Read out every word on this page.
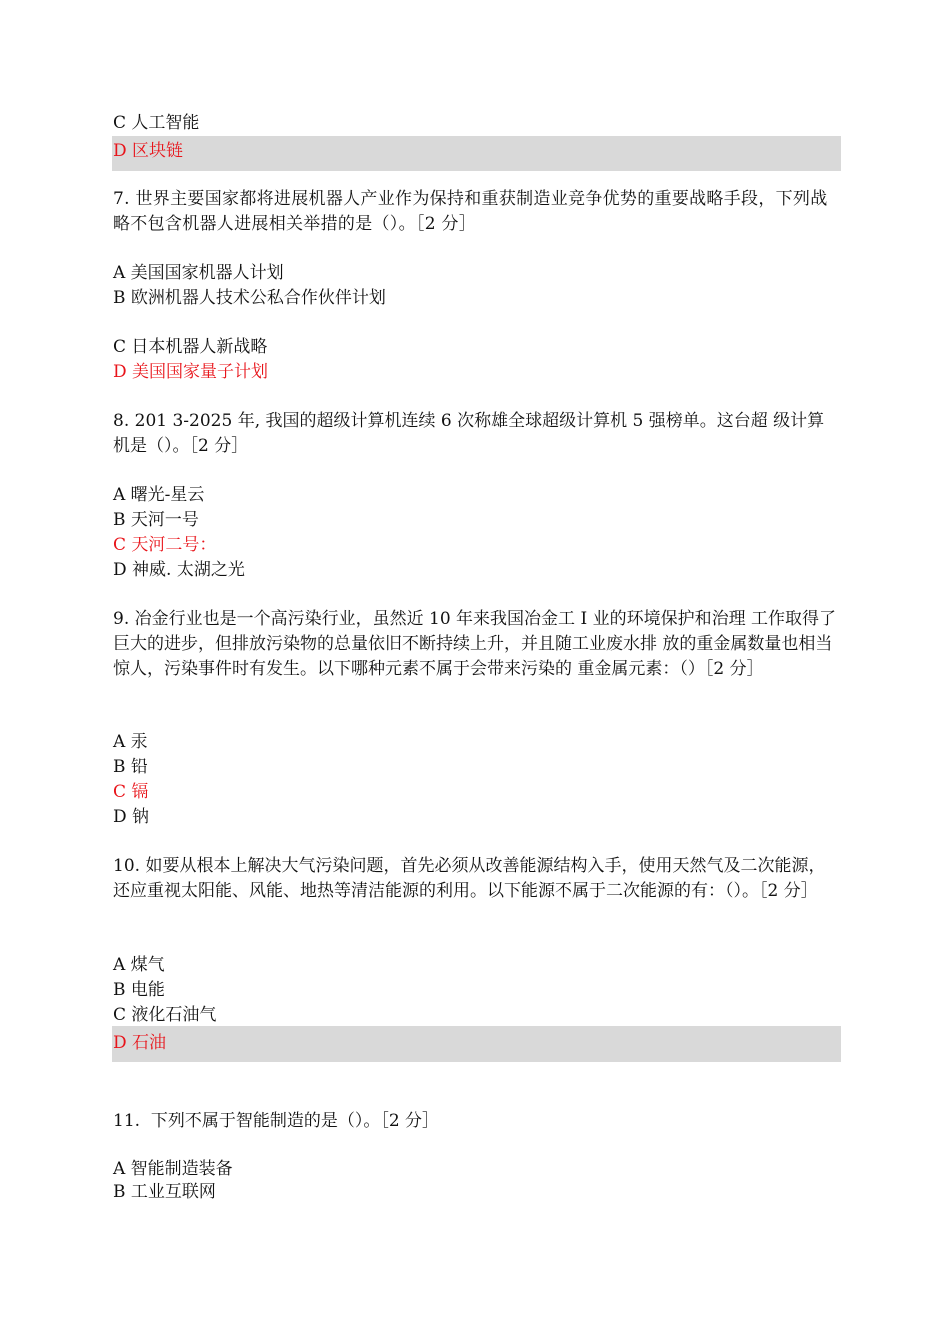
C 人工智能
D 区块链
7. 世界主要国家都将进展机器人产业作为保持和重获制造业竞争优势的重要战略手段，下列战略不包含机器人进展相关举措的是（）。［2 分］
A 美国国家机器人计划
B 欧洲机器人技术公私合作伙伴计划
C 日本机器人新战略
D 美国国家量子计划
8. 201 3-2025 年, 我国的超级计算机连续 6 次称雄全球超级计算机 5 强榜单。这台超 级计算机是（）。［2 分］
A 曙光-星云
B 天河一号
C 天河二号：
D 神威. 太湖之光
9. 冶金行业也是一个高污染行业，虽然近 10 年来我国冶金工 I 业的环境保护和治理 工作取得了巨大的进步，但排放污染物的总量依旧不断持续上升，并且随工业废水排 放的重金属数量也相当惊人，污染事件时有发生。以下哪种元素不属于会带来污染的 重金属元素：（）［2 分］
A 汞
B 铅
C 镉
D 钠
10. 如要从根本上解决大气污染问题，首先必须从改善能源结构入手，使用天然气及二次能源，还应重视太阳能、风能、地热等清洁能源的利用。以下能源不属于二次能源的有：（）。［2 分］
A 煤气
B 电能
C 液化石油气
D 石油
11.  下列不属于智能制造的是（）。［2 分］
A 智能制造装备
B 工业互联网
